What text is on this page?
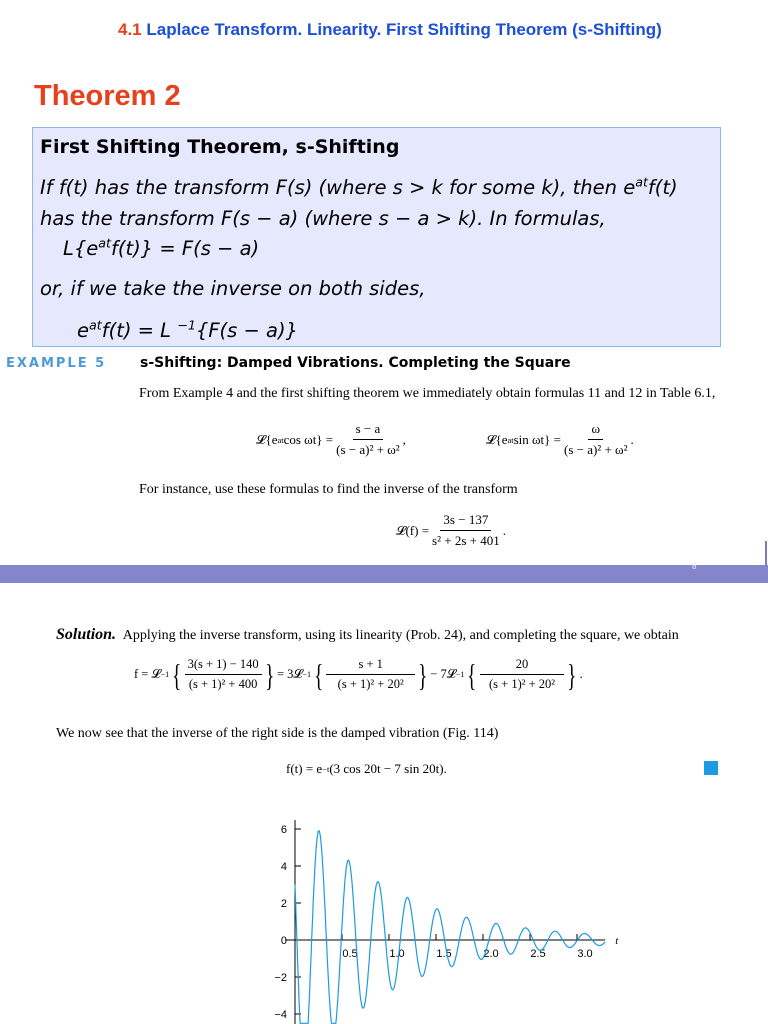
4.1 Laplace Transform. Linearity. First Shifting Theorem (s-Shifting)
Theorem 2
First Shifting Theorem, s-Shifting
If f(t) has the transform F(s) (where s > k for some k), then $e^{at}f(t)$
has the transform F(s − a) (where s − a > k). In formulas,
$L\{e^{at}f(t)\} = F(s - a)$
or, if we take the inverse on both sides,
$e^{at}f(t) = L$ $^{-1}${F(s − a)}
EXAMPLE 5 s-Shifting: Damped Vibrations. Completing the Square
From Example 4 and the first shifting theorem we immediately obtain formulas 11 and 12 in Table 6.1,
𝓛{e at $\cos \omega t\} = \frac{s - a}{\text{(s − a)² + ω²}}$ ,	𝓛{e at $\sin \omega t\} = \frac{\omega}{\text{(s − a)² + ω²}}$ .
For instance, use these formulas to find the inverse of the transform
𝓛(f) = $\frac{3s - 137}{\text{s² + 2s + 401}}$ .
8
Solution. Applying the inverse transform, using its linearity (Prob. 24), and completing the square, we obtain
f = 𝓛 −1 { $\frac{3(s + 1) - 140}{\text{(s + 1)² + 400}}$ } = 3𝓛 −1 { $\frac{s + 1}{\text{(s + 1)² + 20²}}$ } − 7𝓛 −1 { $\frac{20}{\text{(s + 1)² + 20²}}$ } .
We now see that the inverse of the right side is the damped vibration (Fig. 114)
f(t) = e −t (3 cos 20t − 7 sin 20t).
6
4
2
0
−2
−4
0.5	1.0	1.5	2.0	2.5	3.0
t
